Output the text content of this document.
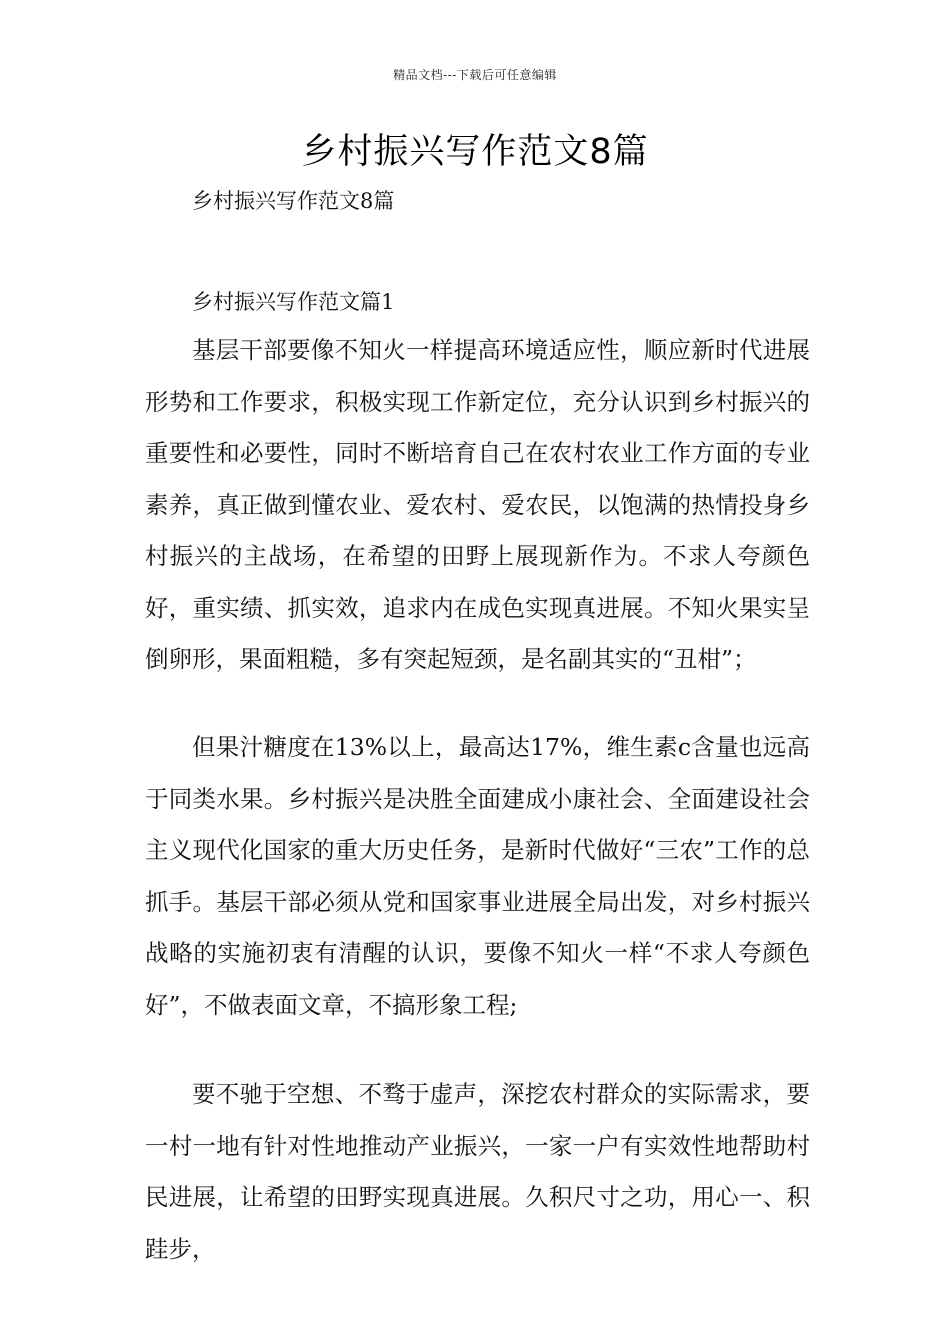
精品文档---下载后可任意编辑
乡村振兴写作范文8篇
乡村振兴写作范文8篇
乡村振兴写作范文篇1

基层干部要像不知火一样提高环境适应性，顺应新时代进展形势和工作要求，积极实现工作新定位，充分认识到乡村振兴的重要性和必要性，同时不断培育自己在农村农业工作方面的专业素养，真正做到懂农业、爱农村、爱农民，以饱满的热情投身乡村振兴的主战场，在希望的田野上展现新作为。不求人夸颜色好，重实绩、抓实效，追求内在成色实现真进展。不知火果实呈倒卵形，果面粗糙，多有突起短颈，是名副其实的“丑柑”；

但果汁糖度在13%以上，最高达17%，维生素c含量也远高于同类水果。乡村振兴是决胜全面建成小康社会、全面建设社会主义现代化国家的重大历史任务，是新时代做好“三农”工作的总抓手。基层干部必须从党和国家事业进展全局出发，对乡村振兴战略的实施初衷有清醒的认识，要像不知火一样“不求人夸颜色好”，不做表面文章，不搞形象工程;

要不驰于空想、不骛于虚声，深挖农村群众的实际需求，要一村一地有针对性地推动产业振兴，一家一户有实效性地帮助村民进展，让希望的田野实现真进展。久积尺寸之功，用心一、积跬步，
